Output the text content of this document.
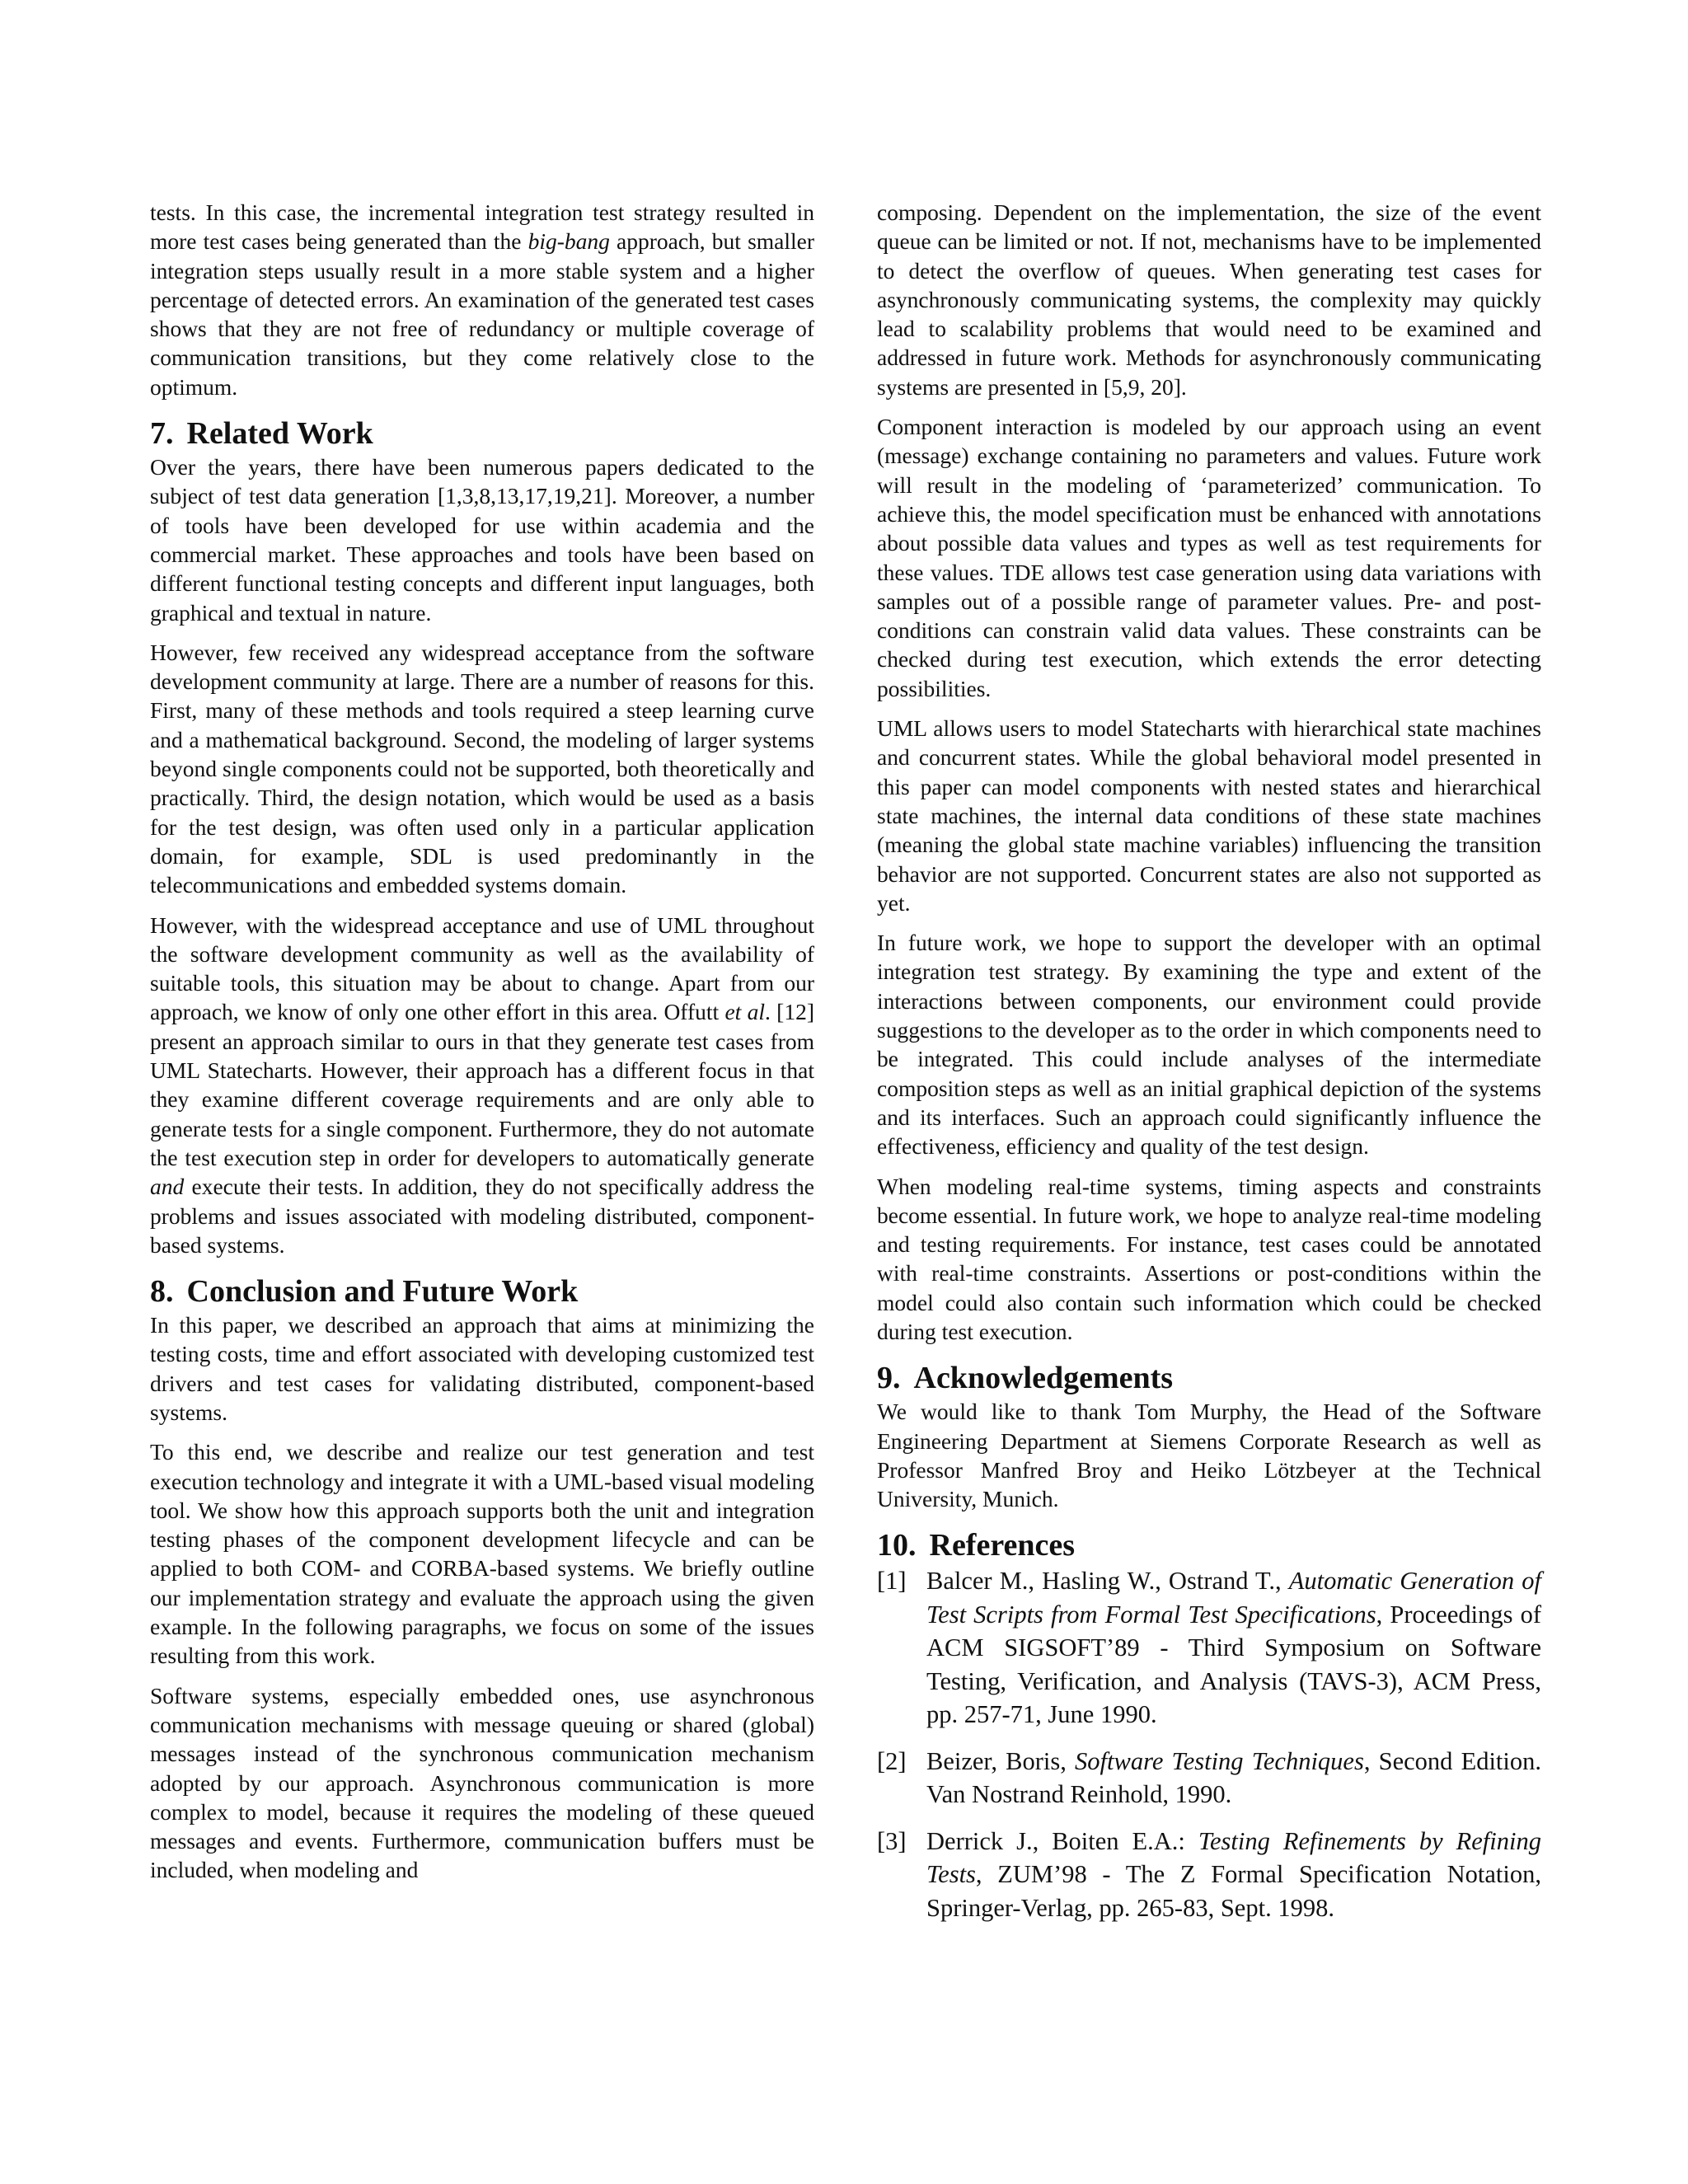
tests. In this case, the incremental integration test strategy resulted in more test cases being generated than the big-bang approach, but smaller integration steps usually result in a more stable system and a higher percentage of detected errors. An examination of the generated test cases shows that they are not free of redundancy or multiple coverage of communication transitions, but they come relatively close to the optimum.

7. Related Work

Over the years, there have been numerous papers dedicated to the subject of test data generation [1,3,8,13,17,19,21]. Moreover, a number of tools have been developed for use within academia and the commercial market. These approaches and tools have been based on different functional testing concepts and different input languages, both graphical and textual in nature.

However, few received any widespread acceptance from the software development community at large. There are a number of reasons for this. First, many of these methods and tools required a steep learning curve and a mathematical background. Second, the modeling of larger systems beyond single components could not be supported, both theoretically and practically. Third, the design notation, which would be used as a basis for the test design, was often used only in a particular application domain, for example, SDL is used predominantly in the telecommunications and embedded systems domain.

However, with the widespread acceptance and use of UML throughout the software development community as well as the availability of suitable tools, this situation may be about to change. Apart from our approach, we know of only one other effort in this area. Offutt et al. [12] present an approach similar to ours in that they generate test cases from UML Statecharts. However, their approach has a different focus in that they examine different coverage requirements and are only able to generate tests for a single component. Furthermore, they do not automate the test execution step in order for developers to automatically generate and execute their tests. In addition, they do not specifically address the problems and issues associated with modeling distributed, component-based systems.

8. Conclusion and Future Work

In this paper, we described an approach that aims at minimizing the testing costs, time and effort associated with developing customized test drivers and test cases for validating distributed, component-based systems.

To this end, we describe and realize our test generation and test execution technology and integrate it with a UML-based visual modeling tool. We show how this approach supports both the unit and integration testing phases of the component development lifecycle and can be applied to both COM- and CORBA-based systems. We briefly outline our implementation strategy and evaluate the approach using the given example. In the following paragraphs, we focus on some of the issues resulting from this work.

Software systems, especially embedded ones, use asynchronous communication mechanisms with message queuing or shared (global) messages instead of the synchronous communication mechanism adopted by our approach. Asynchronous communication is more complex to model, because it requires the modeling of these queued messages and events. Furthermore, communication buffers must be included, when modeling and

composing. Dependent on the implementation, the size of the event queue can be limited or not. If not, mechanisms have to be implemented to detect the overflow of queues. When generating test cases for asynchronously communicating systems, the complexity may quickly lead to scalability problems that would need to be examined and addressed in future work. Methods for asynchronously communicating systems are presented in [5,9, 20].

Component interaction is modeled by our approach using an event (message) exchange containing no parameters and values. Future work will result in the modeling of ‘parameterized’ communication. To achieve this, the model specification must be enhanced with annotations about possible data values and types as well as test requirements for these values. TDE allows test case generation using data variations with samples out of a possible range of parameter values. Pre- and post-conditions can constrain valid data values. These constraints can be checked during test execution, which extends the error detecting possibilities.

UML allows users to model Statecharts with hierarchical state machines and concurrent states. While the global behavioral model presented in this paper can model components with nested states and hierarchical state machines, the internal data conditions of these state machines (meaning the global state machine variables) influencing the transition behavior are not supported. Concurrent states are also not supported as yet.

In future work, we hope to support the developer with an optimal integration test strategy. By examining the type and extent of the interactions between components, our environment could provide suggestions to the developer as to the order in which components need to be integrated. This could include analyses of the intermediate composition steps as well as an initial graphical depiction of the systems and its interfaces. Such an approach could significantly influence the effectiveness, efficiency and quality of the test design.

When modeling real-time systems, timing aspects and constraints become essential. In future work, we hope to analyze real-time modeling and testing requirements. For instance, test cases could be annotated with real-time constraints. Assertions or post-conditions within the model could also contain such information which could be checked during test execution.

9. Acknowledgements

We would like to thank Tom Murphy, the Head of the Software Engineering Department at Siemens Corporate Research as well as Professor Manfred Broy and Heiko Lötzbeyer at the Technical University, Munich.

10. References
[1] Balcer M., Hasling W., Ostrand T., Automatic Generation of Test Scripts from Formal Test Specifications, Proceedings of ACM SIGSOFT’89 - Third Symposium on Software Testing, Verification, and Analysis (TAVS-3), ACM Press, pp. 257-71, June 1990.
[2] Beizer, Boris, Software Testing Techniques, Second Edition. Van Nostrand Reinhold, 1990.
[3] Derrick J., Boiten E.A.: Testing Refinements by Refining Tests, ZUM’98 - The Z Formal Specification Notation, Springer-Verlag, pp. 265-83, Sept. 1998.
